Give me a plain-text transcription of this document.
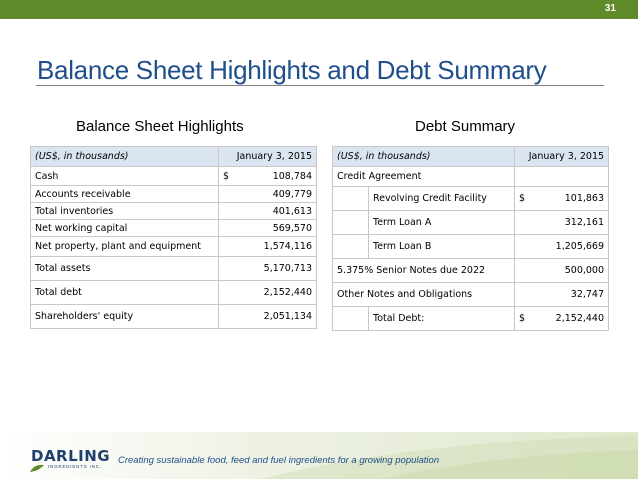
31
Balance Sheet Highlights and Debt Summary
Balance Sheet Highlights	Debt Summary
(US$, in thousands)	January 3, 2015	
Cash	$	108,784
Accounts receivable		409,779
Total inventories		401,613
Net working capital		569,570
Net property, plant and equipment		1,574,116
Total assets		5,170,713
Total debt		2,152,440
Shareholders' equity		2,051,134
(US$, in thousands)		January 3, 2015	
Credit Agreement			
	Revolving Credit Facility	$	101,863
	Term Loan A		312,161
	Term Loan B		1,205,669
5.375% Senior Notes due 2022		500,000	
Other Notes and Obligations		32,747	
	Total Debt:	$	2,152,440
DARLING
INGREDIENTS INC.
Creating sustainable food, feed and fuel ingredients for a growing population
